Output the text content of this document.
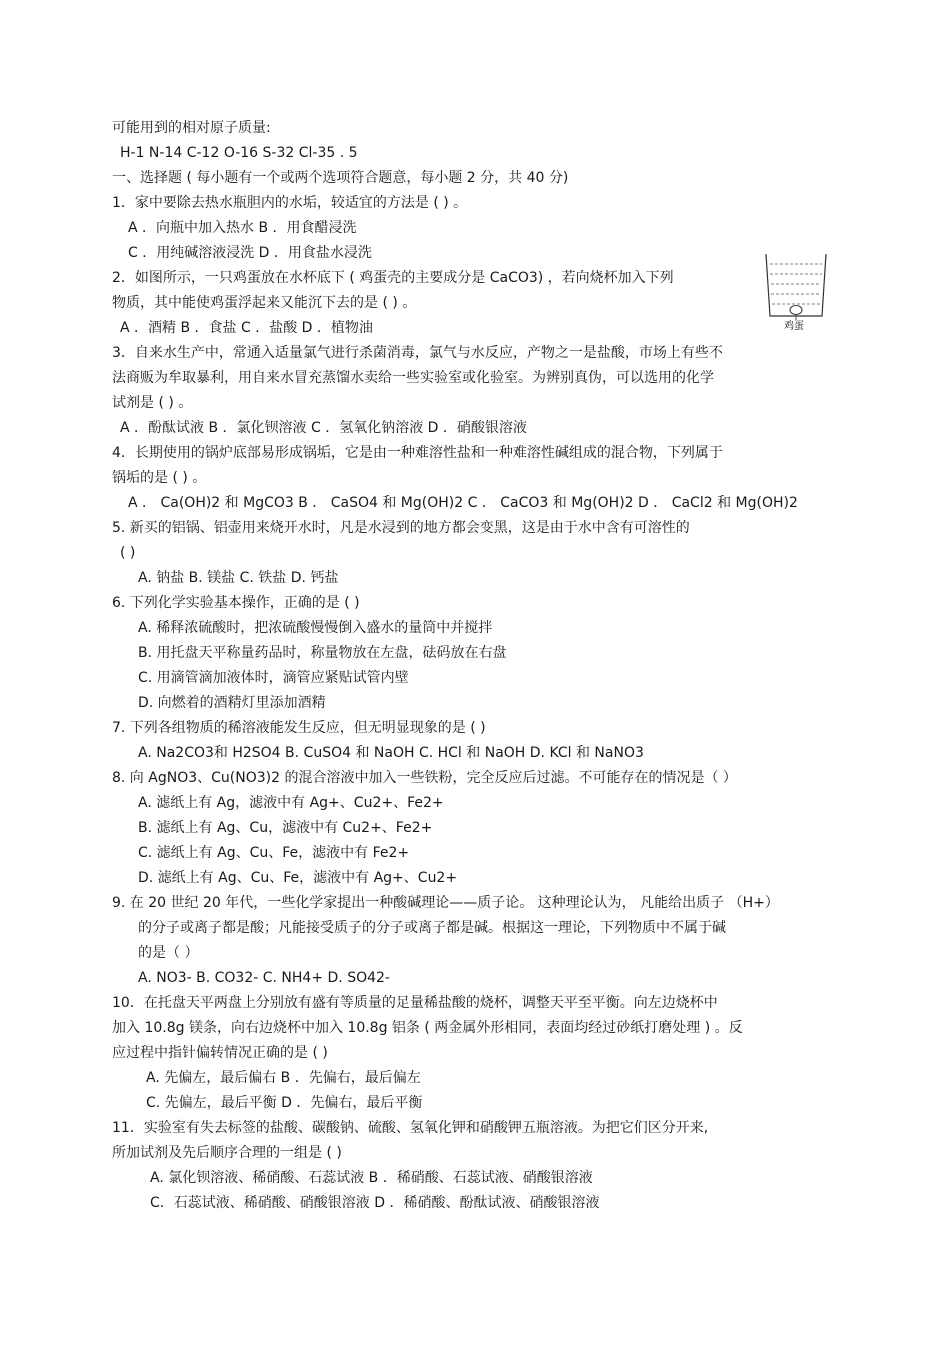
可能用到的相对原子质量:
H-1 N-14 C-12 O-16 S-32 Cl-35 . 5
一、选择题 ( 每小题有一个或两个选项符合题意，每小题 2 分，共 40 分)
1．家中要除去热水瓶胆内的水垢，较适宜的方法是 ( ) 。
A ．向瓶中加入热水 B ．用食醋浸洗
C ．用纯碱溶液浸洗 D ．用食盐水浸洗
2．如图所示，一只鸡蛋放在水杯底下 ( 鸡蛋壳的主要成分是 CaCO3) ，若向烧杯加入下列
物质，其中能使鸡蛋浮起来又能沉下去的是 ( ) 。
A ．酒精 B ．食盐 C ．盐酸 D ．植物油	鸡蛋
3．自来水生产中，常通入适量氯气进行杀菌消毒，氯气与水反应，产物之一是盐酸，市场上有些不
法商贩为牟取暴利，用自来水冒充蒸馏水卖给一些实验室或化验室。为辨别真伪，可以选用的化学
试剂是 ( ) 。
A ．酚酞试液 B ．氯化钡溶液 C ．氢氧化钠溶液 D ．硝酸银溶液
4．长期使用的锅炉底部易形成锅垢，它是由一种难溶性盐和一种难溶性碱组成的混合物，下列属于
锅垢的是 ( ) 。
A ． Ca(OH)2 和 MgCO3 B ． CaSO4 和 Mg(OH)2 C ． CaCO3 和 Mg(OH)2 D ． CaCl2 和 Mg(OH)2
5. 新买的铝锅、铝壶用来烧开水时，凡是水浸到的地方都会变黑，这是由于水中含有可溶性的
( )
A. 钠盐 B. 镁盐 C. 铁盐 D. 钙盐
6. 下列化学实验基本操作，正确的是 ( )
A. 稀释浓硫酸时，把浓硫酸慢慢倒入盛水的量筒中并搅拌
B. 用托盘天平称量药品时，称量物放在左盘，砝码放在右盘
C. 用滴管滴加液体时，滴管应紧贴试管内壁
D. 向燃着的酒精灯里添加酒精
7. 下列各组物质的稀溶液能发生反应，但无明显现象的是 ( )
A. Na2CO3和 H2SO4 B. CuSO4 和 NaOH C. HCl 和 NaOH D. KCl 和 NaNO3
8. 向 AgNO3、Cu(NO3)2 的混合溶液中加入一些铁粉，完全反应后过滤。不可能存在的情况是（ ）
A. 滤纸上有 Ag，滤液中有 Ag+、Cu2+、Fe2+
B. 滤纸上有 Ag、Cu，滤液中有 Cu2+、Fe2+
C. 滤纸上有 Ag、Cu、Fe，滤液中有 Fe2+
D. 滤纸上有 Ag、Cu、Fe，滤液中有 Ag+、Cu2+
9. 在 20 世纪 20 年代，一些化学家提出一种酸碱理论——质子论。 这种理论认为， 凡能给出质子 （H+）
的分子或离子都是酸；凡能接受质子的分子或离子都是碱。根据这一理论，下列物质中不属于碱
的是（ ）
A. NO3- B. CO32- C. NH4+ D. SO42-
10．在托盘天平两盘上分别放有盛有等质量的足量稀盐酸的烧杯，调整天平至平衡。向左边烧杯中
加入 10.8g 镁条，向右边烧杯中加入 10.8g 铝条 ( 两金属外形相同，表面均经过砂纸打磨处理 ) 。反
应过程中指针偏转情况正确的是 ( )
A. 先偏左，最后偏右 B ．先偏右，最后偏左
C. 先偏左，最后平衡 D ．先偏右，最后平衡
11．实验室有失去标签的盐酸、碳酸钠、硫酸、氢氧化钾和硝酸钾五瓶溶液。为把它们区分开来,
所加试剂及先后顺序合理的一组是 ( )
A. 氯化钡溶液、稀硝酸、石蕊试液 B ．稀硝酸、石蕊试液、硝酸银溶液
C．石蕊试液、稀硝酸、硝酸银溶液 D ．稀硝酸、酚酞试液、硝酸银溶液
